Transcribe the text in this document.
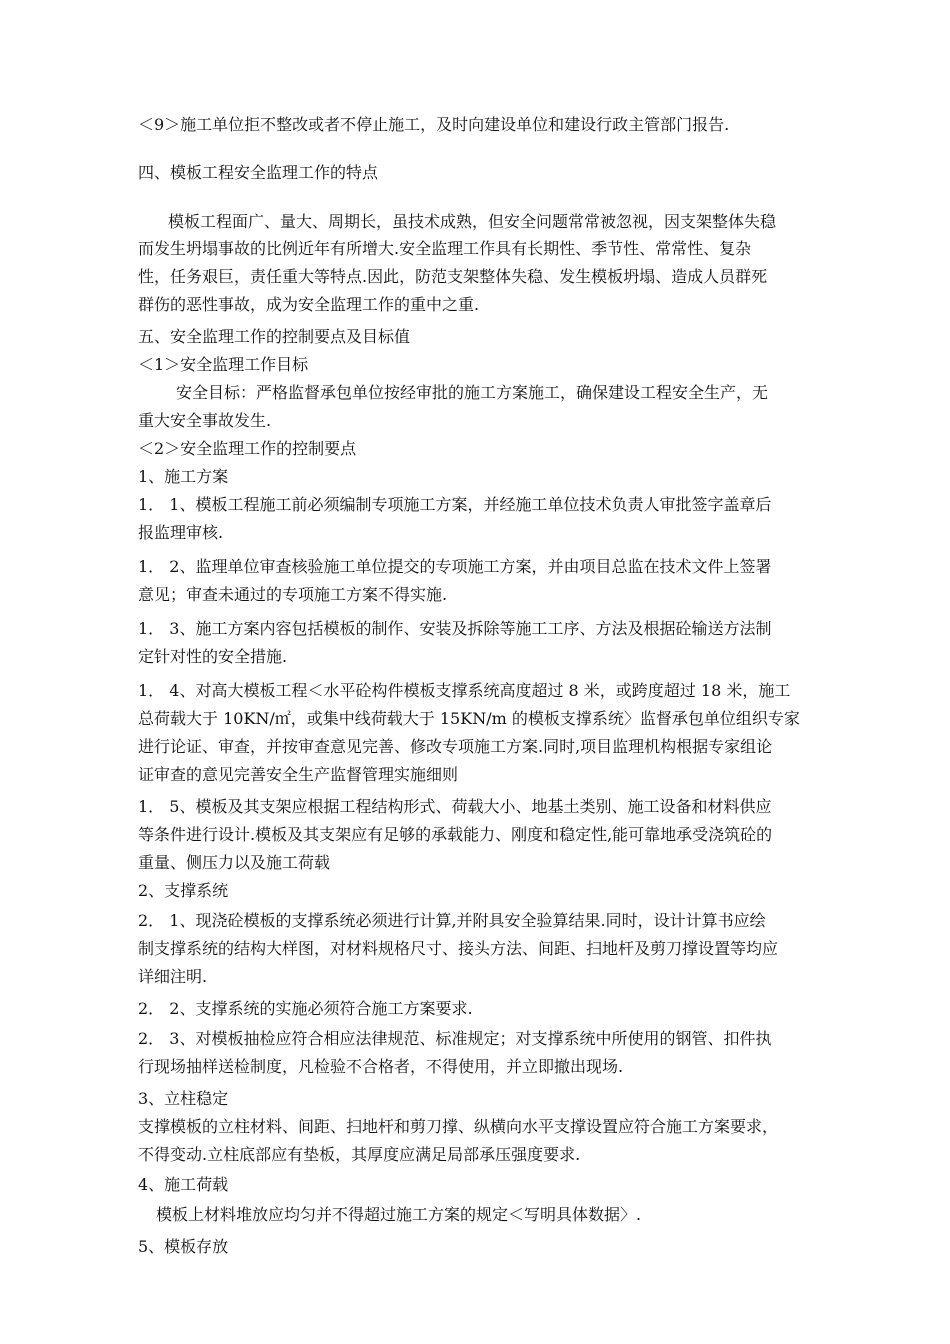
＜9＞施工单位拒不整改或者不停止施工，及时向建设单位和建设行政主管部门报告.
四、模板工程安全监理工作的特点
模板工程面广、量大、周期长，虽技术成熟，但安全问题常常被忽视，因支架整体失稳
而发生坍塌事故的比例近年有所增大.安全监理工作具有长期性、季节性、常常性、复杂
性，任务艰巨，责任重大等特点.因此，防范支架整体失稳、发生模板坍塌、造成人员群死
群伤的恶性事故，成为安全监理工作的重中之重.
五、安全监理工作的控制要点及目标值
＜1＞安全监理工作目标
安全目标：严格监督承包单位按经审批的施工方案施工，确保建设工程安全生产，无
重大安全事故发生.
＜2＞安全监理工作的控制要点
1、施工方案
1． 1、模板工程施工前必须编制专项施工方案，并经施工单位技术负责人审批签字盖章后
报监理审核.
1． 2、监理单位审查核验施工单位提交的专项施工方案，并由项目总监在技术文件上签署
意见；审查未通过的专项施工方案不得实施.
1． 3、施工方案内容包括模板的制作、安装及拆除等施工工序、方法及根据砼输送方法制
定针对性的安全措施.
1． 4、对高大模板工程＜水平砼构件模板支撑系统高度超过 8 米，或跨度超过 18 米，施工
总荷载大于 10KN/㎡，或集中线荷载大于 15KN/m 的模板支撑系统〉监督承包单位组织专家
进行论证、审查，并按审查意见完善、修改专项施工方案.同时,项目监理机构根据专家组论
证审查的意见完善安全生产监督管理实施细则
1． 5、模板及其支架应根据工程结构形式、荷载大小、地基土类别、施工设备和材料供应
等条件进行设计.模板及其支架应有足够的承载能力、刚度和稳定性,能可靠地承受浇筑砼的
重量、侧压力以及施工荷载
2、支撑系统
2． 1、现浇砼模板的支撑系统必须进行计算,并附具安全验算结果.同时，设计计算书应绘
制支撑系统的结构大样图，对材料规格尺寸、接头方法、间距、扫地杆及剪刀撑设置等均应
详细注明.
2． 2、支撑系统的实施必须符合施工方案要求.
2． 3、对模板抽检应符合相应法律规范、标准规定；对支撑系统中所使用的钢管、扣件执
行现场抽样送检制度，凡检验不合格者，不得使用，并立即撤出现场.
3、立柱稳定
支撑模板的立柱材料、间距、扫地杆和剪刀撑、纵横向水平支撑设置应符合施工方案要求，
不得变动.立柱底部应有垫板，其厚度应满足局部承压强度要求.
4、施工荷载
模板上材料堆放应均匀并不得超过施工方案的规定＜写明具体数据〉.
5、模板存放
